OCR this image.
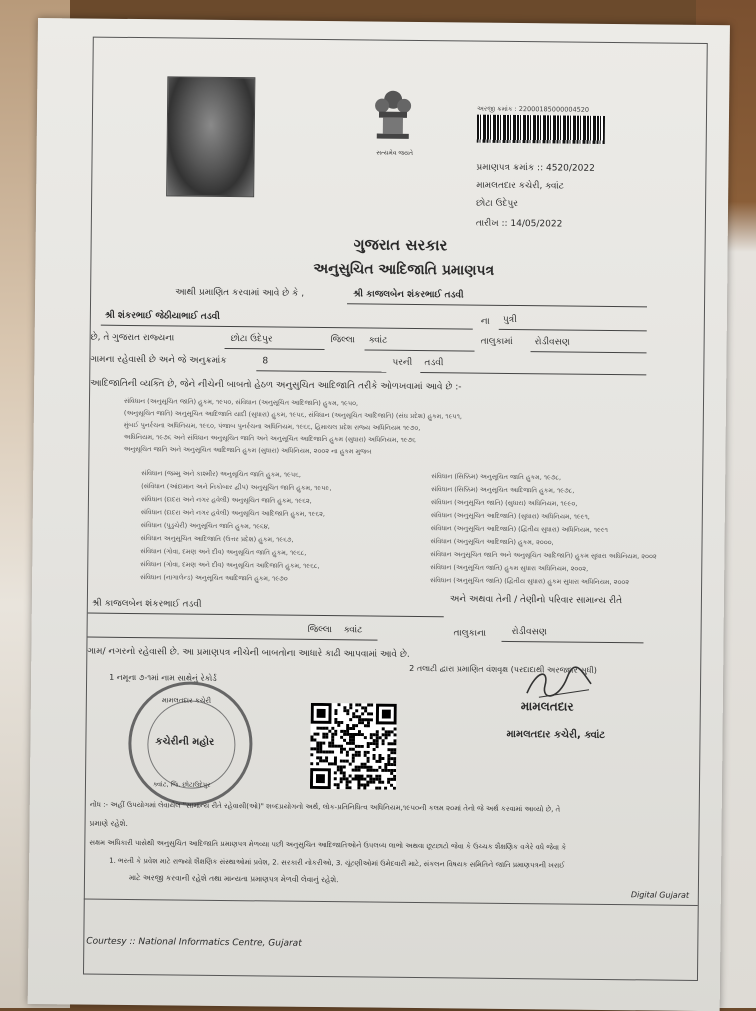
સત્યમેવ જયતે
અરજી ક્રમાંક : 22000185000004520
પ્રમાણપત્ર ક્રમાંક :: 4520/2022
મામલતદાર કચેરી, ક્વાંટ
છોટા ઉદેપુર
તારીખ :: 14/05/2022
ગુજરાત સરકાર
અનુસુચિત આદિજાતિ પ્રમાણપત્ર
આથી પ્રમાણિત કરવામાં આવે છે કે ,	શ્રી કાજલબેન શંકરભાઈ તડવી
શ્રી શંકરભાઈ જેઠીયાભાઈ તડવી	ના પુત્રી
છે, તે ગુજરાત રાજ્યના	છોટા ઉદેપુર	જિલ્લા ક્વાંટ	તાલુકામાં રોડીવસણ
ગામના રહેવાસી છે અને જે અનુક્રમાંક	8	પરની તડવી
આદિજાતિની વ્યક્તિ છે, જેને નીચેની બાબતો હેઠળ અનુસુચિત આદિજાતિ તરીકે ઓળખવામાં આવે છે :-
સંવિધાન (અનુસૂચિત જાતિ) હુકમ, ૧૯૫૦, સંવિધાન (અનુસૂચિત આદિજાતિ) હુકમ, ૧૯૫૦,
(અનુસૂચિત જાતિ) અનુસૂચિત આદિજાતિ યાદી (સુધારા) હુકમ, ૧૯૫૬, સંવિધાન (અનુસૂચિત આદિજાતિ) (સંઘ પ્રદેશ) હુકમ, ૧૯૫૧,
મુંબઈ પુનર્રચના અધિનિયમ, ૧૯૬૦, પંજાબ પુનર્રચના અધિનિયમ, ૧૯૬૬, હિમાચલ પ્રદેશ રાજ્ય અધિનિયમ ૧૯૭૦,
અધિનિયમ, ૧૯૭૬ અને સંવિધાન અનુસૂચિત જાતિ અને અનુસૂચિત આદિજાતિ હુકમ (સુધારા) અધિનિયમ, ૧૯૭૬
અનુસૂચિત જાતિ અને અનુસૂચિત આદિજાતિ હુકમ (સુધારા) અધિનિયમ, ૨૦૦૨ ના હુકમ મુજબ
સંવિધાન (જમ્મુ અને કાશ્મીર) અનુસૂચિત જાતિ હુકમ, ૧૯૫૬,
(સંવિધાન (આંદામાન અને નિકોબાર દ્વીપ) અનુસૂચિત જાતિ હુકમ, ૧૯૫૯,
સંવિધાન (દાદરા અને નગર હવેલી) અનુસૂચિત જાતિ હુકમ, ૧૯૬૨,
સંવિધાન (દાદરા અને નગર હવેલી) અનુસૂચિત આદિજાતિ હુકમ, ૧૯૬૨,
સંવિધાન (પુડુચેરી) અનુસૂચિત જાતિ હુકમ, ૧૯૬૪,
સંવિધાન અનુસૂચિત આદિજાતિ (ઉત્તર પ્રદેશ) હુકમ, ૧૯૬૭,
સંવિધાન (ગોવા, દમણ અને દીવ) અનુસૂચિત જાતિ હુકમ, ૧૯૬૮,
સંવિધાન (ગોવા, દમણ અને દીવ) અનુસૂચિત આદિજાતિ હુકમ, ૧૯૬૮,
સંવિધાન (નાગાલેન્ડ) અનુસૂચિત આદિજાતિ હુકમ, ૧૯૭૦
સંવિધાન (સિક્કિમ) અનુસૂચિત જાતિ હુકમ, ૧૯૭૮,
સંવિધાન (સિક્કિમ) અનુસૂચિત આદિજાતિ હુકમ, ૧૯૭૮,
સંવિધાન (અનુસૂચિત જાતિ) (સુધારા) અધિનિયમ, ૧૯૯૦,
સંવિધાન (અનુસૂચિત આદિજાતિ) (સુધારા) અધિનિયમ, ૧૯૯૧,
સંવિધાન (અનુસૂચિત આદિજાતિ) (દ્વિતીય સુધારા) અધિનિયમ, ૧૯૯૧
સંવિધાન (અનુસૂચિત આદિજાતિ) હુકમ, ૨૦૦૦,
સંવિધાન અનુસૂચિત જાતિ અને અનુસૂચિત આદિજાતિ) હુકમ સુધારા અધિનિયમ, ૨૦૦૨
સંવિધાન (અનુસૂચિત જાતિ) હુકમ સુધારા અધિનિયમ, ૨૦૦૨,
સંવિધાન (અનુસૂચિત જાતિ) (દ્વિતીય સુધારા) હુકમ સુધારા અધિનિયમ, ૨૦૦૨
શ્રી કાજલબેન શંકરભાઈ તડવી	અને અથવા તેની / તેણીનો પરિવાર સામાન્ય રીતે
ક્વાંટ
જિલ્લા	તાલુકાના	રોડીવસણ
ગામ/ નગરનો રહેવાસી છે. આ પ્રમાણપત્ર નીચેની બાબતોના આધારે કાઢી આપવામાં આવે છે.
1 નમૂના ૭-૧માં નામ સાથેનું રેકોર્ડ
2 તલાટી દ્વારા પ્રમાણિત વંશવૃક્ષ (પરદાદાથી અરજદાર સુધી)
મામલતદાર કચેરી
કચેરીની મહોર
ક્વાંટ, જિ. છોટાઉદેપુર
મામલતદાર
મામલતદાર કચેરી, ક્વાંટ
નોંધ :- અહીં ઉપયોગમાં લેવાયેલ "સામાન્ય રીતે રહેવાસી(ઓ)" શબ્દપ્રયોગનો અર્થ, લોક-પ્રતિનિધિત્વ અધિનિયમ,૧૯૫૦ની કલમ ૨૦માં તેનો જે અર્થ કરવામાં આવ્યો છે, તે
પ્રમાણે રહેશે.
સક્ષમ અધિકારી પાસેથી અનુસુચિત આદિજાતિ પ્રમાણપત્ર મેળવ્યા પછી અનુસુચિત આદિજાતિઓને ઉપલબ્ધ લાભો અથવા છૂટછાટો જેવા કે ઉચ્ચક શૈક્ષણિક વગેરે વધે જેવા કે
1. ભરતી કે પ્રવેશ માટે રાજ્યો શૈક્ષણિક સંસ્થાઓમાં પ્રવેશ, 2. સરકારી નોકરીઓ, 3. ચૂંટણીઓમાં ઉમેદવારી માટે, સંકલન વિષયક સમિતિને જાતિ પ્રમાણપત્રની ખરાઈ
માટે અરજી કરવાની રહેશે તથા માન્યતા પ્રમાણપત્ર મેળવી લેવાનું રહેશે.
Digital Gujarat
Courtesy :: National Informatics Centre, Gujarat
